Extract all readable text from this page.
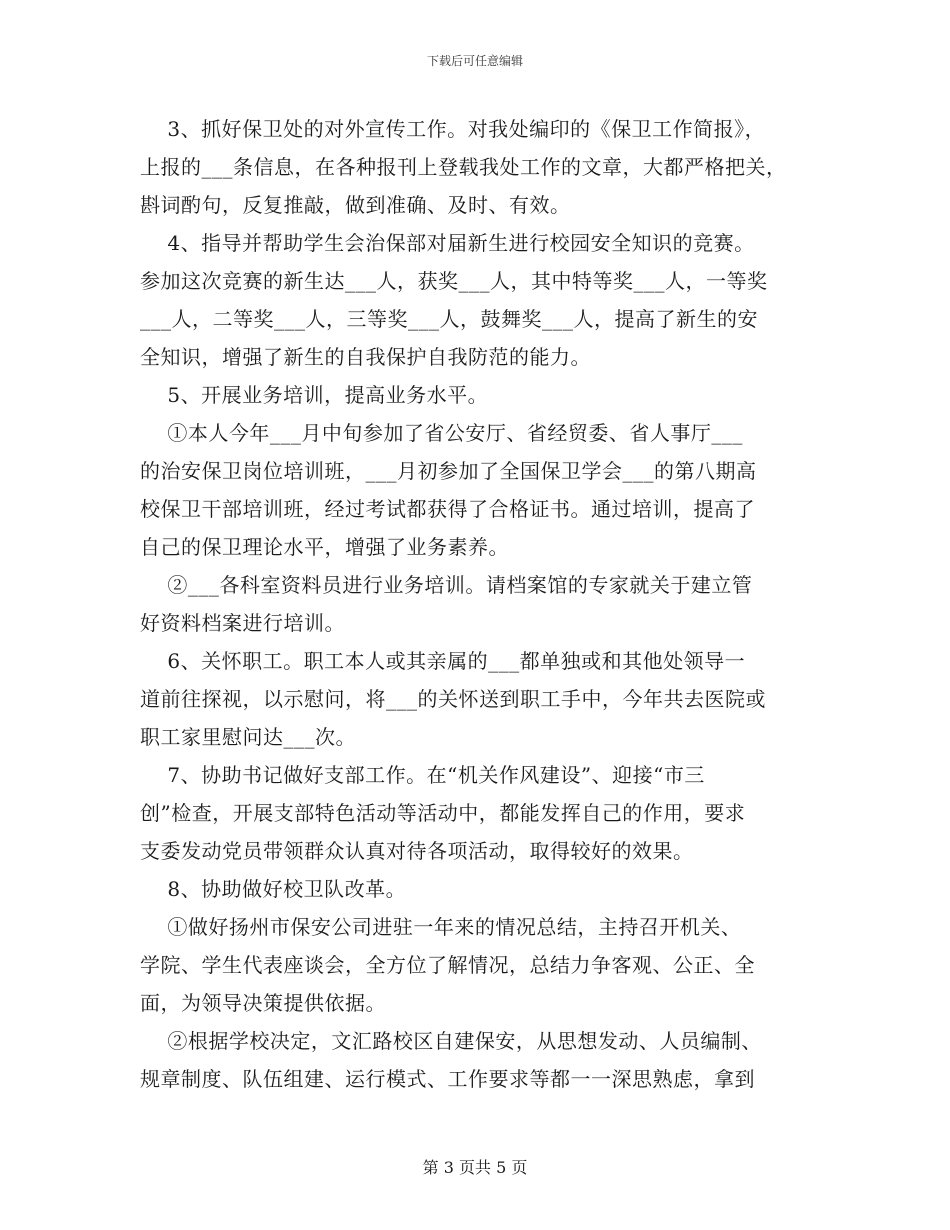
下载后可任意编辑
3、抓好保卫处的对外宣传工作。对我处编印的《保卫工作简报》，
上报的___条信息，在各种报刊上登载我处工作的文章，大都严格把关，
斟词酌句，反复推敲，做到准确、及时、有效。
4、指导并帮助学生会治保部对届新生进行校园安全知识的竞赛。
参加这次竞赛的新生达___人，获奖___人，其中特等奖___人，一等奖
___人，二等奖___人，三等奖___人，鼓舞奖___人，提高了新生的安
全知识，增强了新生的自我保护自我防范的能力。
5、开展业务培训，提高业务水平。
①本人今年___月中旬参加了省公安厅、省经贸委、省人事厅___
的治安保卫岗位培训班，___月初参加了全国保卫学会___的第八期高
校保卫干部培训班，经过考试都获得了合格证书。通过培训，提高了
自己的保卫理论水平，增强了业务素养。
②___各科室资料员进行业务培训。请档案馆的专家就关于建立管
好资料档案进行培训。
6、关怀职工。职工本人或其亲属的___都单独或和其他处领导一
道前往探视，以示慰问，将___的关怀送到职工手中，今年共去医院或
职工家里慰问达___次。
7、协助书记做好支部工作。在“机关作风建设”、迎接“市三
创”检查，开展支部特色活动等活动中，都能发挥自己的作用，要求
支委发动党员带领群众认真对待各项活动，取得较好的效果。
8、协助做好校卫队改革。
①做好扬州市保安公司进驻一年来的情况总结，主持召开机关、
学院、学生代表座谈会，全方位了解情况，总结力争客观、公正、全
面，为领导决策提供依据。
②根据学校决定，文汇路校区自建保安，从思想发动、人员编制、
规章制度、队伍组建、运行模式、工作要求等都一一深思熟虑，拿到
第 3 页共 5 页
